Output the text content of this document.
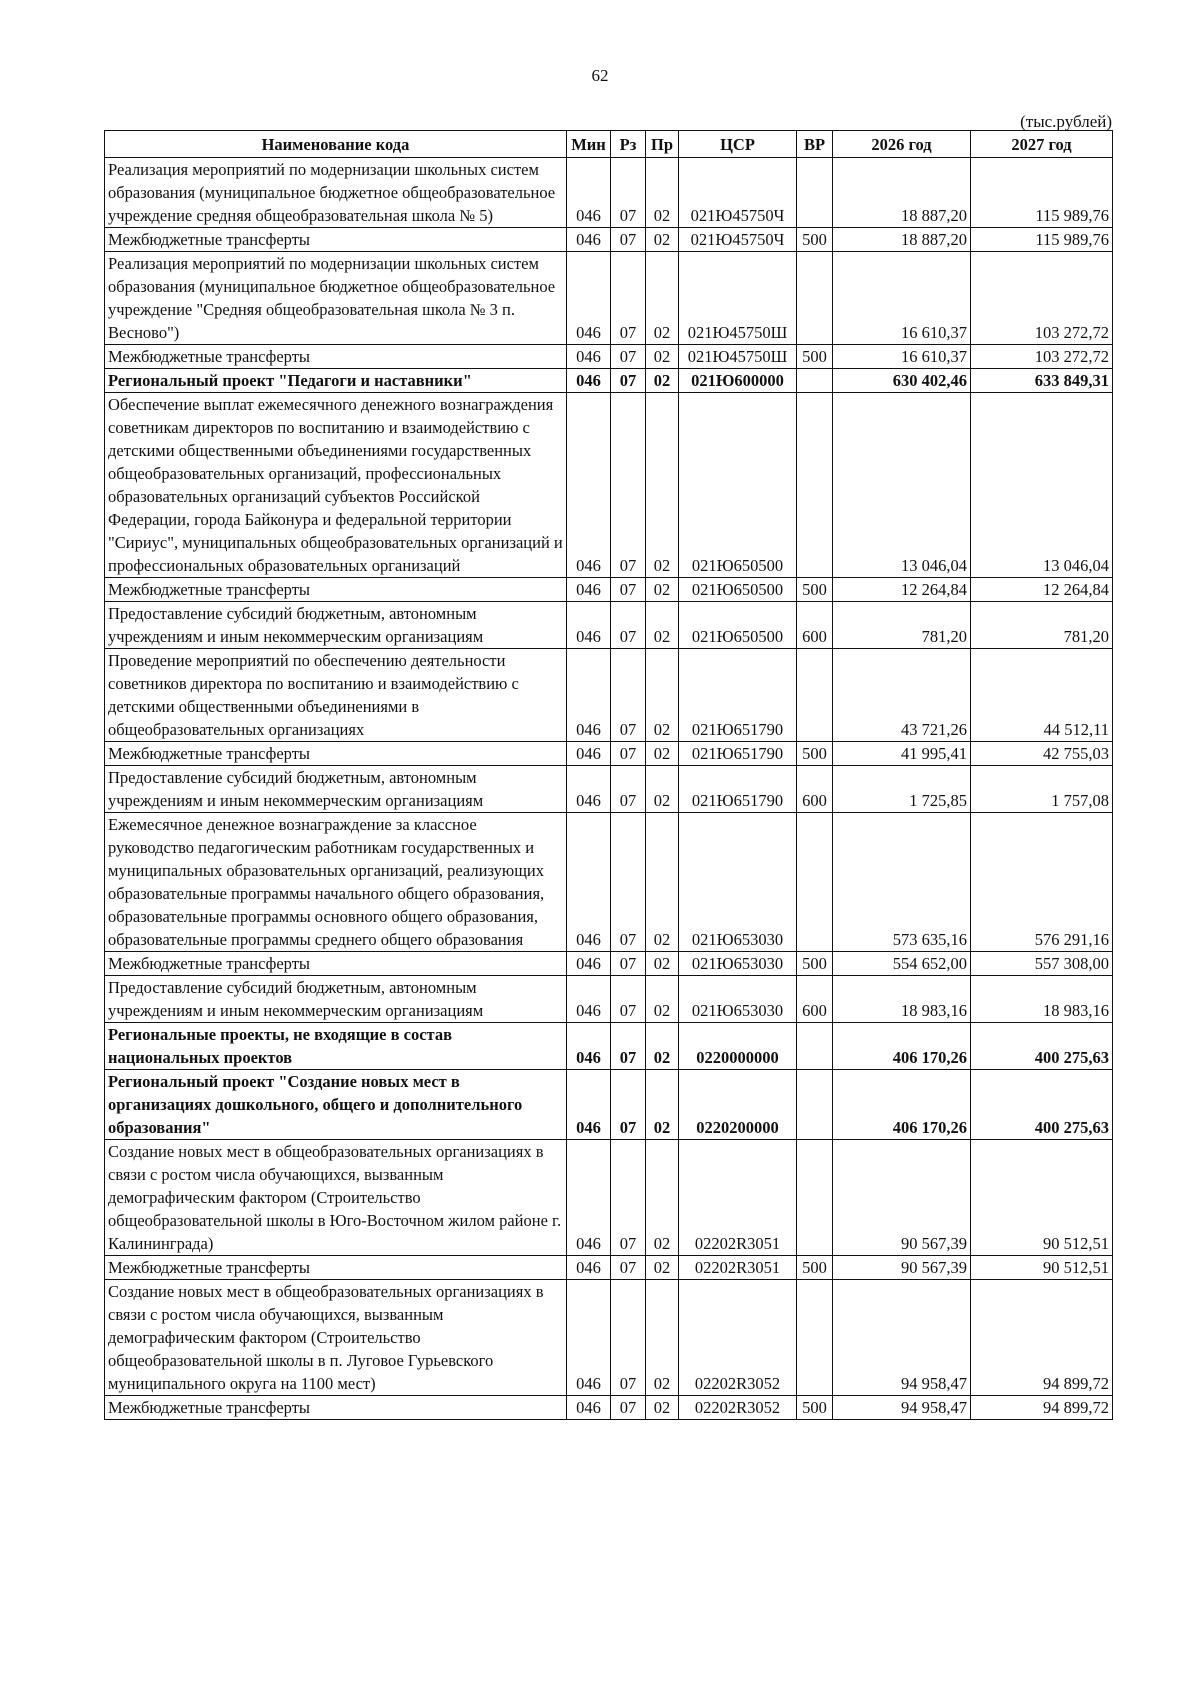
62
(тыс.рублей)
Наименование кода	Мин	Рз	Пр	ЦСР	ВР	2026 год	2027 год
Реализация мероприятий по модернизации школьных систем образования (муниципальное бюджетное общеобразовательное учреждение средняя общеобразовательная школа № 5)	046	07	02	021Ю45750Ч		18 887,20	115 989,76
Межбюджетные трансферты	046	07	02	021Ю45750Ч	500	18 887,20	115 989,76
Реализация мероприятий по модернизации школьных систем образования (муниципальное бюджетное общеобразовательное учреждение "Средняя общеобразовательная школа № 3 п. Весново")	046	07	02	021Ю45750Ш		16 610,37	103 272,72
Межбюджетные трансферты	046	07	02	021Ю45750Ш	500	16 610,37	103 272,72
Региональный проект "Педагоги и наставники"	046	07	02	021Ю600000		630 402,46	633 849,31
Обеспечение выплат ежемесячного денежного вознаграждения советникам директоров по воспитанию и взаимодействию с детскими общественными объединениями государственных общеобразовательных организаций, профессиональных образовательных организаций субъектов Российской Федерации, города Байконура и федеральной территории "Сириус", муниципальных общеобразовательных организаций и профессиональных образовательных организаций	046	07	02	021Ю650500		13 046,04	13 046,04
Межбюджетные трансферты	046	07	02	021Ю650500	500	12 264,84	12 264,84
Предоставление субсидий бюджетным, автономным учреждениям и иным некоммерческим организациям	046	07	02	021Ю650500	600	781,20	781,20
Проведение мероприятий по обеспечению деятельности советников директора по воспитанию и взаимодействию с детскими общественными объединениями в общеобразовательных организациях	046	07	02	021Ю651790		43 721,26	44 512,11
Межбюджетные трансферты	046	07	02	021Ю651790	500	41 995,41	42 755,03
Предоставление субсидий бюджетным, автономным учреждениям и иным некоммерческим организациям	046	07	02	021Ю651790	600	1 725,85	1 757,08
Ежемесячное денежное вознаграждение за классное руководство педагогическим работникам государственных и муниципальных образовательных организаций, реализующих образовательные программы начального общего образования, образовательные программы основного общего образования, образовательные программы среднего общего образования	046	07	02	021Ю653030		573 635,16	576 291,16
Межбюджетные трансферты	046	07	02	021Ю653030	500	554 652,00	557 308,00
Предоставление субсидий бюджетным, автономным учреждениям и иным некоммерческим организациям	046	07	02	021Ю653030	600	18 983,16	18 983,16
Региональные проекты, не входящие в состав национальных проектов	046	07	02	0220000000		406 170,26	400 275,63
Региональный проект "Создание новых мест в организациях дошкольного, общего и дополнительного образования"	046	07	02	0220200000		406 170,26	400 275,63
Создание новых мест в общеобразовательных организациях в связи с ростом числа обучающихся, вызванным демографическим фактором (Строительство общеобразовательной школы в Юго-Восточном жилом районе г. Калининграда)	046	07	02	02202R3051		90 567,39	90 512,51
Межбюджетные трансферты	046	07	02	02202R3051	500	90 567,39	90 512,51
Создание новых мест в общеобразовательных организациях в связи с ростом числа обучающихся, вызванным демографическим фактором (Строительство общеобразовательной школы в п. Луговое Гурьевского муниципального округа на 1100 мест)	046	07	02	02202R3052		94 958,47	94 899,72
Межбюджетные трансферты	046	07	02	02202R3052	500	94 958,47	94 899,72
